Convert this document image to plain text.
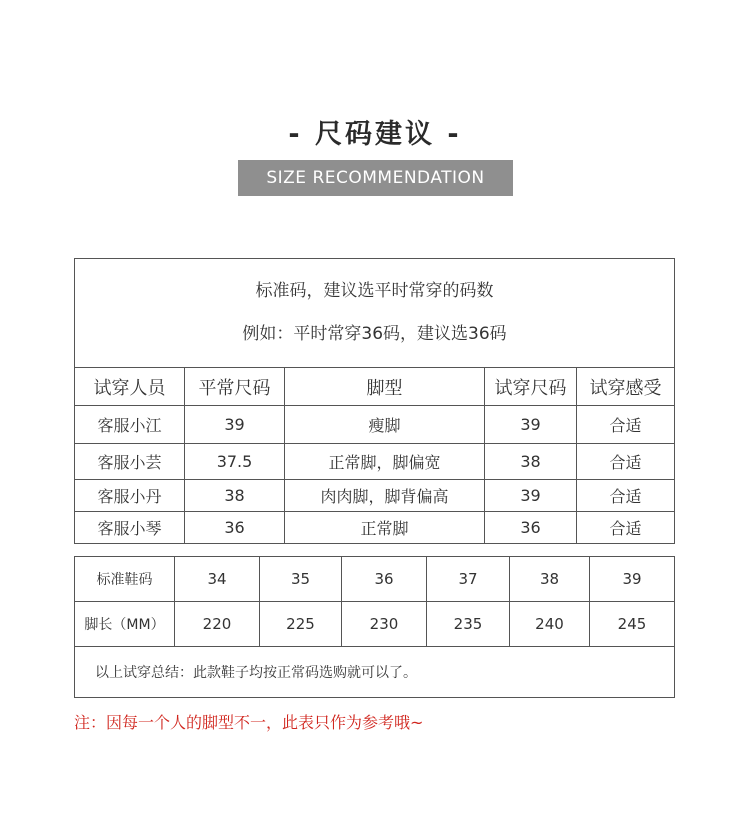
- 尺码建议 -
SIZE RECOMMENDATION
标准码，建议选平时常穿的码数
例如：平时常穿36码，建议选36码				

试穿人员	平常尺码	脚型	试穿尺码	试穿感受
客服小江	39	瘦脚	39	合适
客服小芸	37.5	正常脚，脚偏宽	38	合适
客服小丹	38	肉肉脚，脚背偏高	39	合适
客服小琴	36	正常脚	36	合适
标准鞋码	34	35	36	37	38	39
脚长（MM）	220	225	230	235	240	245
以上试穿总结：此款鞋子均按正常码选购就可以了。						
注：因每一个人的脚型不一，此表只作为参考哦~
